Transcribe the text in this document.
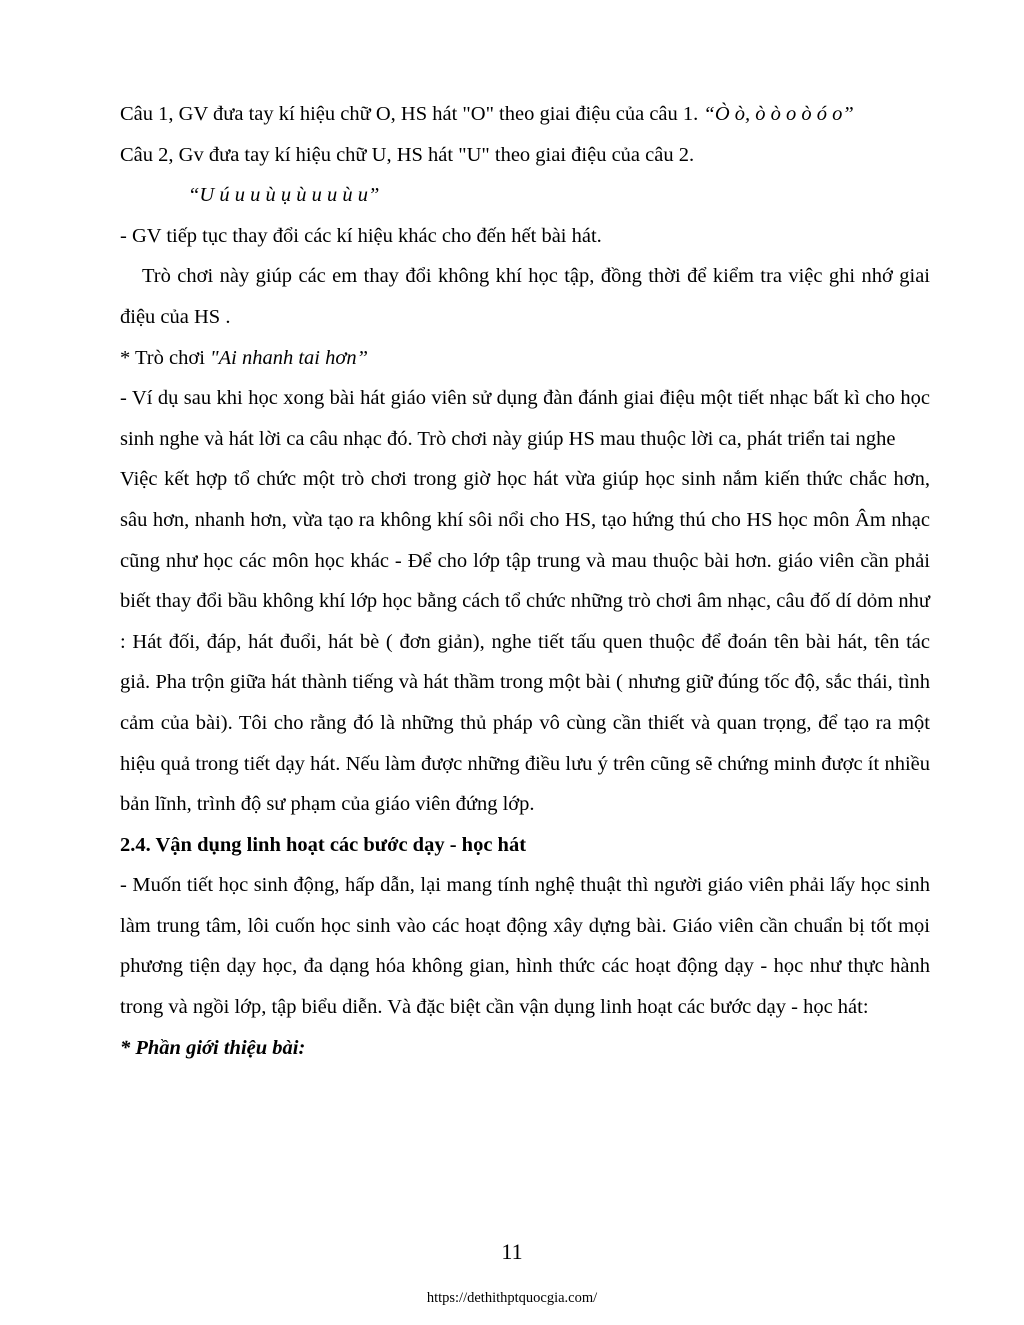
Câu 1, GV đưa tay kí hiệu chữ O, HS hát "O" theo giai điệu của câu 1. “Ò ò, ò ò o ò ó o”

Câu 2, Gv đưa tay kí hiệu chữ U, HS hát "U" theo giai điệu của câu 2.

“U ú u u ù ụ ù u u ù u”

- GV tiếp tục thay đổi các kí hiệu khác cho đến hết bài hát.

Trò chơi này giúp các em thay đổi không khí học tập, đồng thời để kiểm tra việc ghi nhớ giai điệu của HS .

* Trò chơi "Ai nhanh tai hơn”

- Ví dụ sau khi học xong bài hát giáo viên sử dụng đàn đánh giai điệu một tiết nhạc bất kì cho học sinh nghe và hát lời ca câu nhạc đó. Trò chơi này giúp HS mau thuộc lời ca, phát triển tai nghe

Việc kết hợp tổ chức một trò chơi trong giờ học hát vừa giúp học sinh nắm kiến thức chắc hơn, sâu hơn, nhanh hơn, vừa tạo ra không khí sôi nổi cho HS, tạo hứng thú cho HS học môn Âm nhạc cũng như học các môn học khác - Để cho lớp tập trung và mau thuộc bài hơn. giáo viên cần phải biết thay đổi bầu không khí lớp học bằng cách tổ chức những trò chơi âm nhạc, câu đố dí dỏm như : Hát đối, đáp, hát đuổi, hát bè ( đơn giản), nghe tiết tấu quen thuộc để đoán tên bài hát, tên tác giả. Pha trộn giữa hát thành tiếng và hát thầm trong một bài ( nhưng giữ đúng tốc độ, sắc thái, tình cảm của bài). Tôi cho rằng đó là những thủ pháp vô cùng cần thiết và quan trọng, để tạo ra một hiệu quả trong tiết dạy hát. Nếu làm được những điều lưu ý trên cũng sẽ chứng minh được ít nhiều bản lĩnh, trình độ sư phạm của giáo viên đứng lớp.

2.4. Vận dụng linh hoạt các bước dạy - học hát

- Muốn tiết học sinh động, hấp dẫn, lại mang tính nghệ thuật thì người giáo viên phải lấy học sinh làm trung tâm, lôi cuốn học sinh vào các hoạt động xây dựng bài. Giáo viên cần chuẩn bị tốt mọi phương tiện dạy học, đa dạng hóa không gian, hình thức các hoạt động dạy - học như thực hành trong và ngồi lớp, tập biểu diễn. Và đặc biệt cần vận dụng linh hoạt các bước dạy - học hát:

* Phần giới thiệu bài:

11
https://dethithptquocgia.com/
